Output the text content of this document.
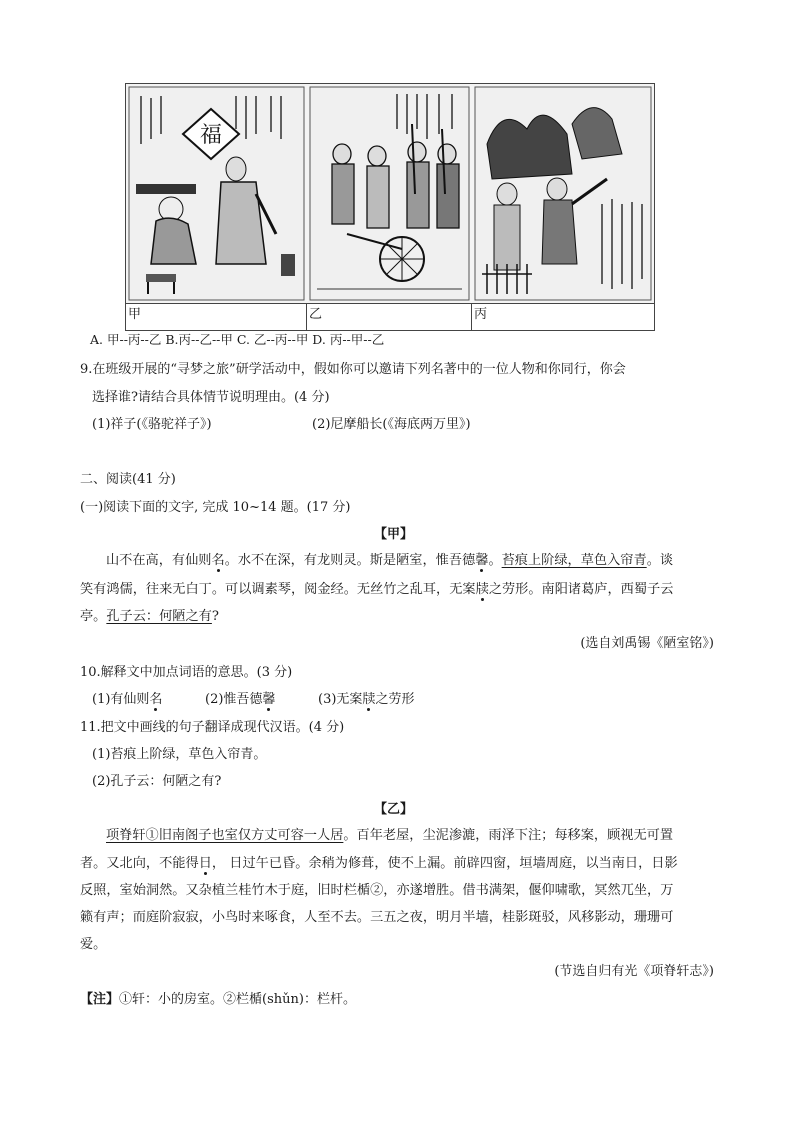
福
甲	乙	丙
A. 甲--丙--乙 B.丙--乙--甲 C. 乙--丙--甲 D. 丙--甲--乙
9.在班级开展的“寻梦之旅”研学活动中，假如你可以邀请下列名著中的一位人物和你同行，你会
选择谁?请结合具体情节说明理由。(4 分)
(1)祥子(《骆驼祥子》)	(2)尼摩船长(《海底两万里》)
二、阅读(41 分)
(一)阅读下面的文字, 完成 10~14 题。(17 分)
【甲】
山不在高，有仙则名。水不在深，有龙则灵。斯是陋室，惟吾德馨。苔痕上阶绿，草色入帘青。谈
笑有鸿儒，往来无白丁。可以调素琴，阅金经。无丝竹之乱耳，无案牍之劳形。南阳诸葛庐，西蜀子云
亭。孔子云：何陋之有?
(选自刘禹锡《陋室铭》)
10.解释文中加点词语的意思。(3 分)
(1)有仙则名	(2)惟吾德馨	(3)无案牍之劳形
11.把文中画线的句子翻译成现代汉语。(4 分)
(1)苔痕上阶绿，草色入帘青。
(2)孔子云：何陋之有?
【乙】
项脊轩①旧南阁子也室仅方丈可容一人居。百年老屋，尘泥渗漉，雨泽下注；每移案，顾视无可置
者。又北向，不能得日， 日过午已昏。余稍为修葺，使不上漏。前辟四窗，垣墙周庭，以当南日，日影
反照，室始洞然。又杂植兰桂竹木于庭，旧时栏楯②，亦遂增胜。借书满架，偃仰啸歌，冥然兀坐，万
籁有声；而庭阶寂寂，小鸟时来啄食，人至不去。三五之夜，明月半墙，桂影斑驳，风移影动，珊珊可
爱。
(节选自归有光《项脊轩志》)
【注】①轩：小的房室。②栏楯(shǔn)：栏杆。
